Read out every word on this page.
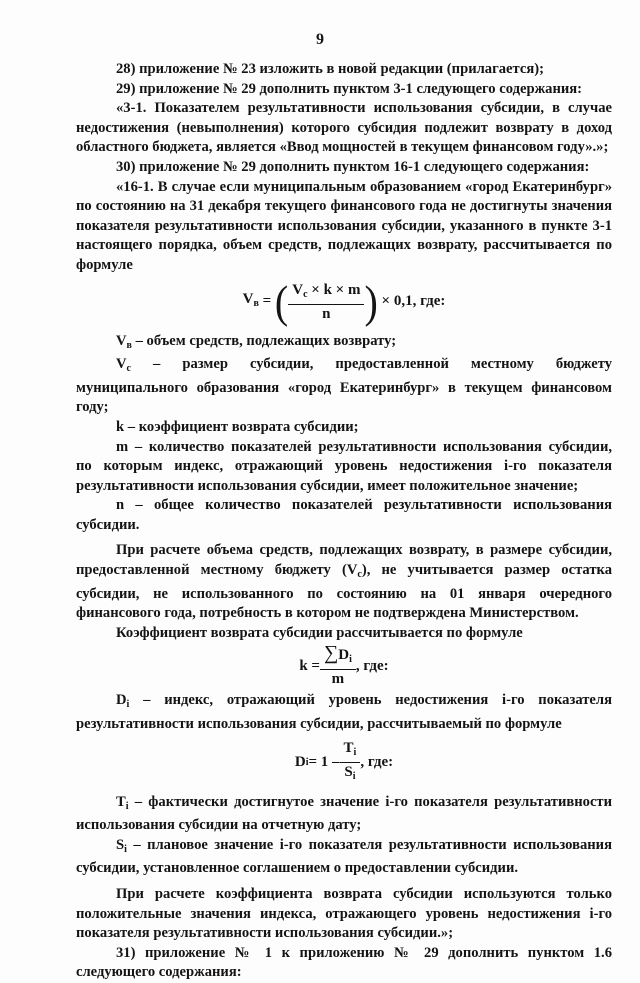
9

28) приложение № 23 изложить в новой редакции (прилагается);

29) приложение № 29 дополнить пунктом 3-1 следующего содержания:

«3-1. Показателем результативности использования субсидии, в случае недостижения (невыполнения) которого субсидия подлежит возврату в доход областного бюджета, является «Ввод мощностей в текущем финансовом году».»;

30) приложение № 29 дополнить пунктом 16-1 следующего содержания:

«16-1. В случае если муниципальным образованием «город Екатеринбург» по состоянию на 31 декабря текущего финансового года не достигнуты значения показателя результативности использования субсидии, указанного в пункте 3-1 настоящего порядка, объем средств, подлежащих возврату, рассчитывается по формуле

$V_в$ = ( $\frac{V_c \times k \times m}{n}$ )
× 0,1, где:

$V_в$ – объем средств, подлежащих возврату;

$V_c$ – размер субсидии, предоставленной местному бюджету муниципального образования «город Екатеринбург» в текущем финансовом году;

k – коэффициент возврата субсидии;

m – количество показателей результативности использования субсидии, по которым индекс, отражающий уровень недостижения i-го показателя результативности использования субсидии, имеет положительное значение;

n – общее количество показателей результативности использования субсидии.

При расчете объема средств, подлежащих возврату, в размере субсидии, предоставленной местному бюджету $(V_c)$, не учитывается размер остатка субсидии, не использованного по состоянию на 01 января очередного финансового года, потребность в котором не подтверждена Министерством.

Коэффициент возврата субсидии рассчитывается по формуле

$k = \frac{\sum D_i}{m}$ , где:

$D_i$ – индекс, отражающий уровень недостижения i-го показателя результативности использования субсидии, рассчитываемый по формуле

D $i = 1 - \frac{T_i}{S_i}$ , где:

$T_i$ – фактически достигнутое значение i-го показателя результативности использования субсидии на отчетную дату;

$S_i$ – плановое значение i-го показателя результативности использования субсидии, установленное соглашением о предоставлении субсидии.

При расчете коэффициента возврата субсидии используются только положительные значения индекса, отражающего уровень недостижения i-го показателя результативности использования субсидии.»;

31) приложение № 1 к приложению № 29 дополнить пунктом 1.6 следующего содержания:
